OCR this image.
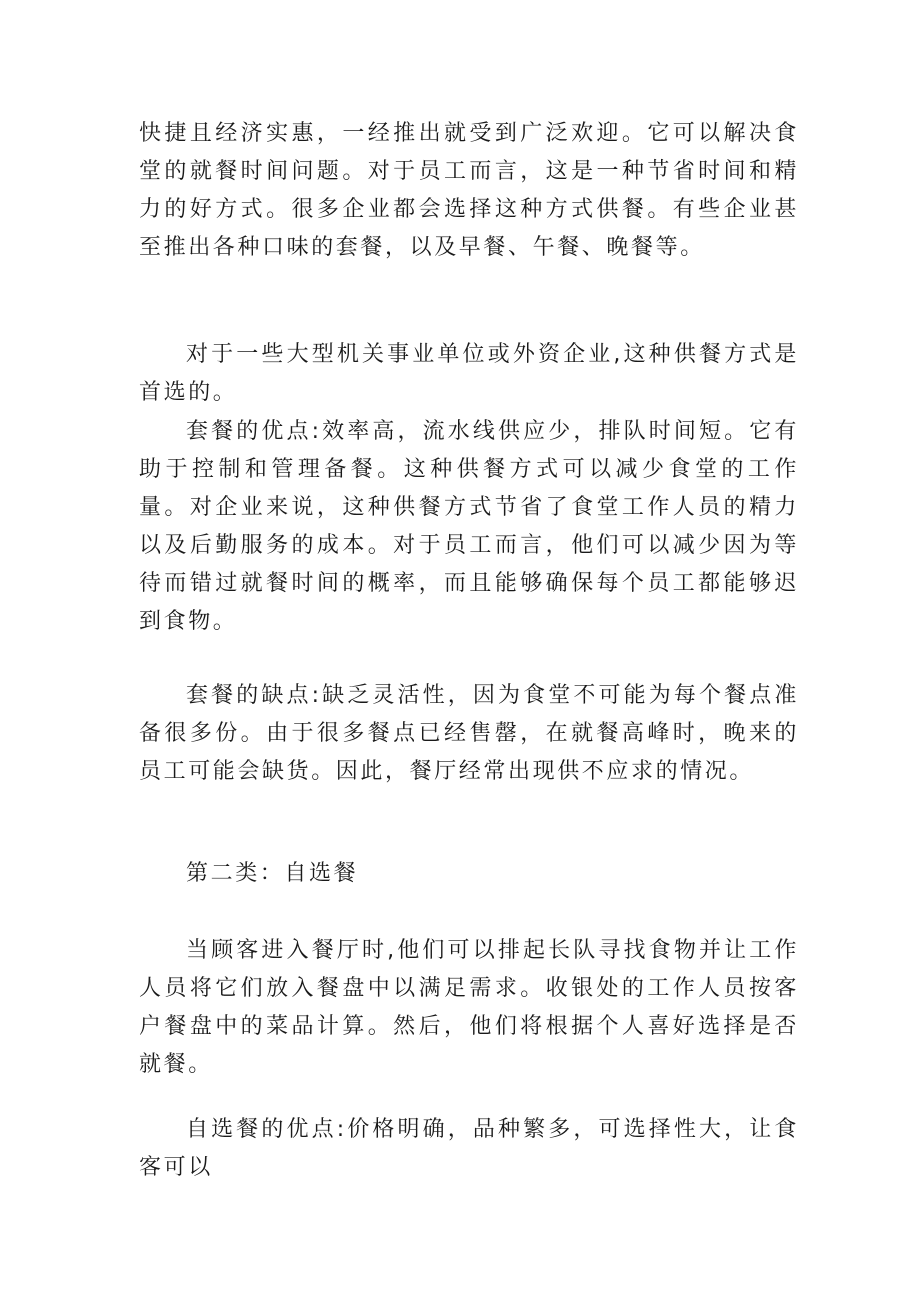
快捷且经济实惠，一经推出就受到广泛欢迎。它可以解决食堂的就餐时间问题。对于员工而言，这是一种节省时间和精力的好方式。很多企业都会选择这种方式供餐。有些企业甚至推出各种口味的套餐，以及早餐、午餐、晚餐等。

对于一些大型机关事业单位或外资企业,这种供餐方式是首选的。

套餐的优点:效率高，流水线供应少，排队时间短。它有助于控制和管理备餐。这种供餐方式可以减少食堂的工作量。对企业来说，这种供餐方式节省了食堂工作人员的精力以及后勤服务的成本。对于员工而言，他们可以减少因为等待而错过就餐时间的概率，而且能够确保每个员工都能够迟到食物。

套餐的缺点:缺乏灵活性，因为食堂不可能为每个餐点准备很多份。由于很多餐点已经售罄，在就餐高峰时，晚来的员工可能会缺货。因此，餐厅经常出现供不应求的情况。

第二类：自选餐

当顾客进入餐厅时,他们可以排起长队寻找食物并让工作人员将它们放入餐盘中以满足需求。收银处的工作人员按客户餐盘中的菜品计算。然后，他们将根据个人喜好选择是否就餐。

自选餐的优点:价格明确，品种繁多，可选择性大，让食客可以
